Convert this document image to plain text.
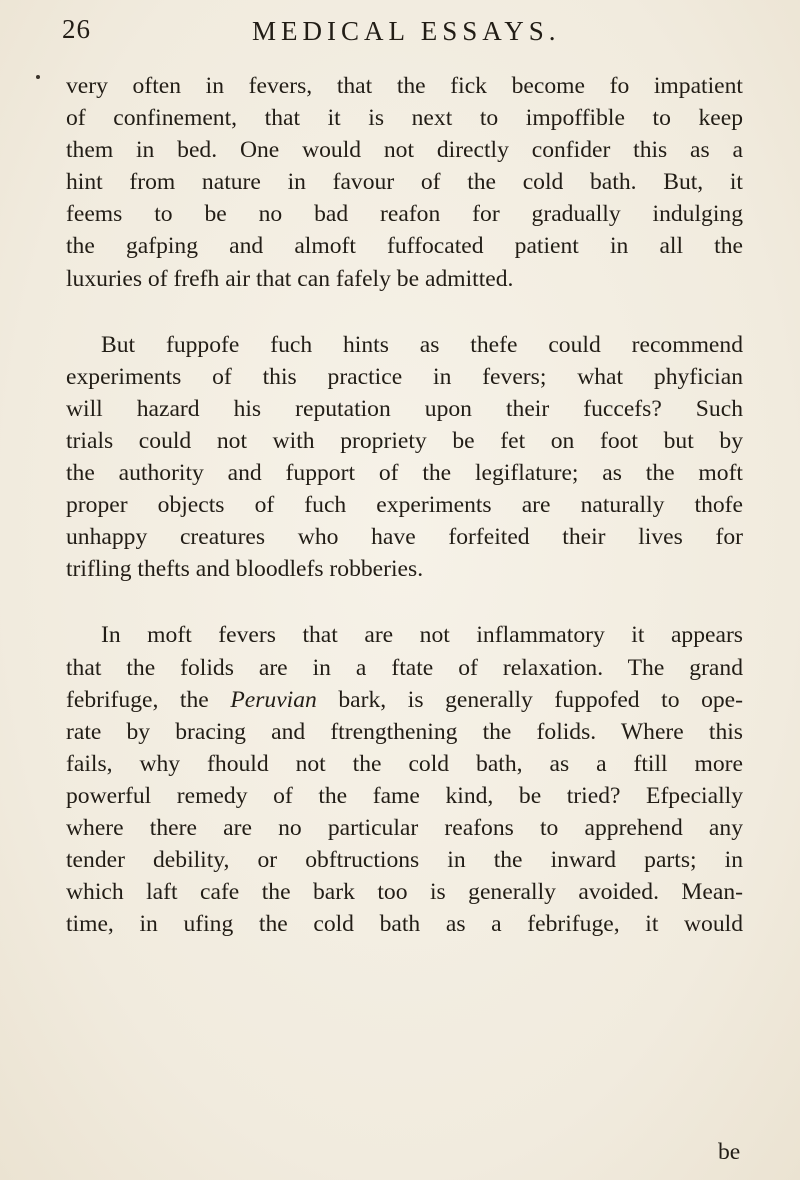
26	MEDICAL ESSAYS.

very often in fevers, that the fick become fo impatient
of confinement, that it is next to impoffible to keep
them in bed. One would not directly confider this as a
hint from nature in favour of the cold bath. But, it
feems to be no bad reafon for gradually indulging
the gafping and almoft fuffocated patient in all the
luxuries of frefh air that can fafely be admitted.

But fuppofe fuch hints as thefe could recommend
experiments of this practice in fevers; what phyfician
will hazard his reputation upon their fuccefs? Such
trials could not with propriety be fet on foot but by
the authority and fupport of the legiflature; as the moft
proper objects of fuch experiments are naturally thofe
unhappy creatures who have forfeited their lives for
trifling thefts and bloodlefs robberies.

In moft fevers that are not inflammatory it appears
that the folids are in a ftate of relaxation. The grand
febrifuge, the Peruvian bark, is generally fuppofed to ope-
rate by bracing and ftrengthening the folids. Where this
fails, why fhould not the cold bath, as a ftill more
powerful remedy of the fame kind, be tried? Efpecially
where there are no particular reafons to apprehend any
tender debility, or obftructions in the inward parts; in
which laft cafe the bark too is generally avoided. Mean-
time, in ufing the cold bath as a febrifuge, it would

be
